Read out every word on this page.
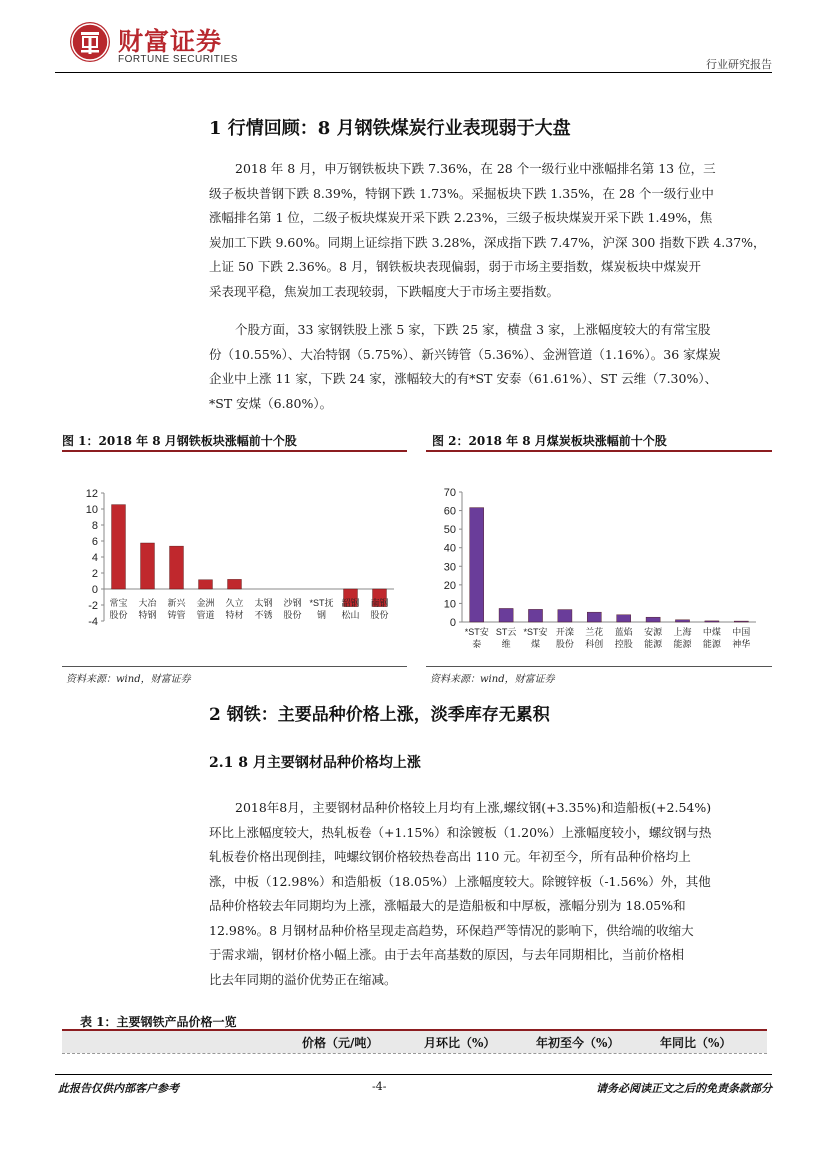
财富证券
FORTUNE SECURITIES	行业研究报告
1 行情回顾：8 月钢铁煤炭行业表现弱于大盘
2018 年 8 月，申万钢铁板块下跌 7.36%，在 28 个一级行业中涨幅排名第 13 位，三
级子板块普钢下跌 8.39%，特钢下跌 1.73%。采掘板块下跌 1.35%，在 28 个一级行业中
涨幅排名第 1 位，二级子板块煤炭开采下跌 2.23%，三级子板块煤炭开采下跌 1.49%，焦
炭加工下跌 9.60%。同期上证综指下跌 3.28%，深成指下跌 7.47%，沪深 300 指数下跌 4.37%，
上证 50 下跌 2.36%。8 月，钢铁板块表现偏弱，弱于市场主要指数，煤炭板块中煤炭开
采表现平稳，焦炭加工表现较弱，下跌幅度大于市场主要指数。
个股方面，33 家钢铁股上涨 5 家，下跌 25 家，横盘 3 家，上涨幅度较大的有常宝股
份（10.55%）、大冶特钢（5.75%）、新兴铸管（5.36%）、金洲管道（1.16%）。36 家煤炭
企业中上涨 11 家，下跌 24 家，涨幅较大的有*ST 安泰（61.61%）、ST 云维（7.30%）、
*ST 安煤（6.80%）。
图 1：2018 年 8 月钢铁板块涨幅前十个股
12
10
8
6
4
2
0
-2
-4
常宝
股份
大冶
特钢
新兴
铸管
金洲
管道
久立
特材
太钢
不锈
沙钢
股份
*ST抚
钢
韶钢
松山
南钢
股份
资料来源：wind，财富证券
图 2：2018 年 8 月煤炭板块涨幅前十个股
70
60
50
40
30
20
10
0
*ST安
泰
ST云
维
*ST安
煤
开滦
股份
兰花
科创
蓝焰
控股
安源
能源
上海
能源
中煤
能源
中国
神华
资料来源：wind，财富证券
2 钢铁：主要品种价格上涨，淡季库存无累积
2.1 8 月主要钢材品种价格均上涨
2018年8月，主要钢材品种价格较上月均有上涨,螺纹钢(+3.35%)和造船板(+2.54%)
环比上涨幅度较大，热轧板卷（+1.15%）和涂镀板（1.20%）上涨幅度较小，螺纹钢与热
轧板卷价格出现倒挂，吨螺纹钢价格较热卷高出 110 元。年初至今，所有品种价格均上
涨，中板（12.98%）和造船板（18.05%）上涨幅度较大。除镀锌板（-1.56%）外，其他
品种价格较去年同期均为上涨，涨幅最大的是造船板和中厚板，涨幅分别为 18.05%和
12.98%。8 月钢材品种价格呈现走高趋势，环保趋严等情况的影响下，供给端的收缩大
于需求端，钢材价格小幅上涨。由于去年高基数的原因，与去年同期相比，当前价格相
比去年同期的溢价优势正在缩减。
表 1：主要钢铁产品价格一览
价格（元/吨）	月环比（%）	年初至今（%）	年同比（%）
此报告仅供内部客户参考	-4-	请务必阅读正文之后的免责条款部分
